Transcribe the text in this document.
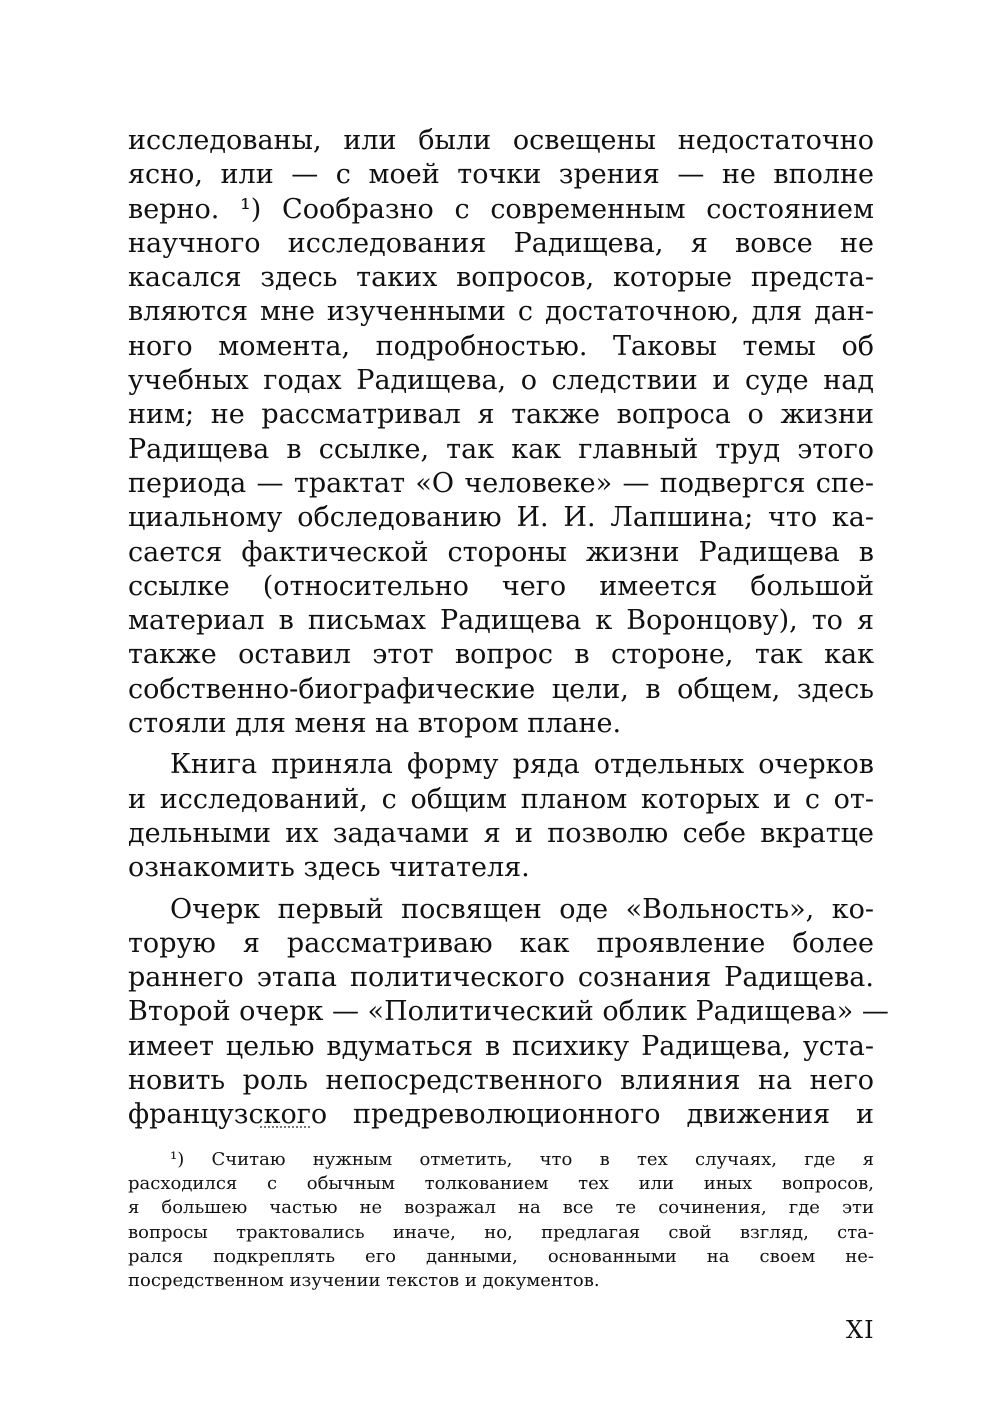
исследованы, или были освещены недостаточно
ясно, или — с моей точки зрения — не вполне
верно. ¹) Сообразно с современным состоянием
научного исследования Радищева, я вовсе не
касался здесь таких вопросов, которые предста-
вляются мне изученными с достаточною, для дан-
ного момента, подробностью. Таковы темы об
учебных годах Радищева, о следствии и суде над
ним; не рассматривал я также вопроса о жизни
Радищева в ссылке, так как главный труд этого
периода — трактат «О человеке» — подвергся спе-
циальному обследованию И. И. Лапшина; что ка-
сается фактической стороны жизни Радищева в
ссылке (относительно чего имеется большой
материал в письмах Радищева к Воронцову), то я
также оставил этот вопрос в стороне, так как
собственно-биографические цели, в общем, здесь
стояли для меня на втором плане.
Книга приняла форму ряда отдельных очерков
и исследований, с общим планом которых и с от-
дельными их задачами я и позволю себе вкратце
ознакомить здесь читателя.
Очерк первый посвящен оде «Вольность», ко-
торую я рассматриваю как проявление более
раннего этапа политического сознания Радищева.
Второй очерк — «Политический облик Радищева» —
имеет целью вдуматься в психику Радищева, уста-
новить роль непосредственного влияния на него
французского предреволюционного движения и
¹) Считаю нужным отметить, что в тех случаях, где я
расходился с обычным толкованием тех или иных вопросов,
я большею частью не возражал на все те сочинения, где эти
вопросы трактовались иначе, но, предлагая свой взгляд, ста-
рался подкреплять его данными, основанными на своем не-
посредственном изучении текстов и документов.
XI
